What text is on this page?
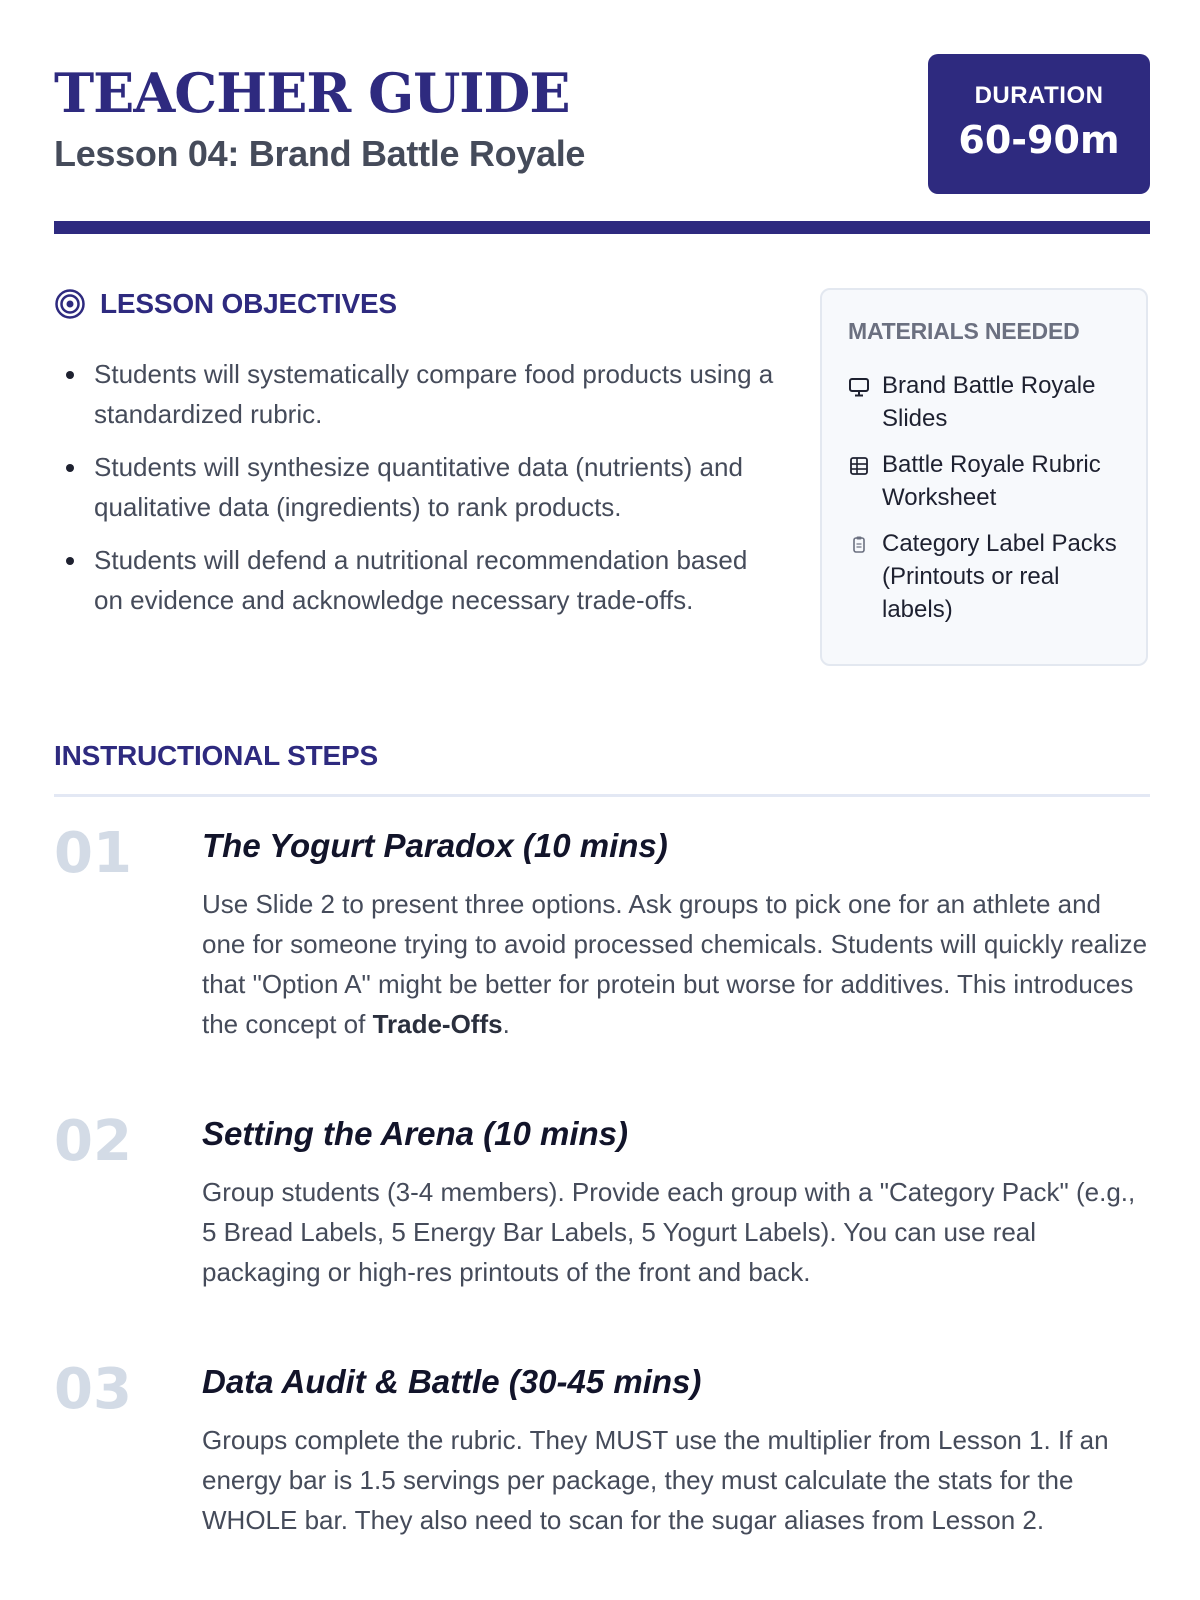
TEACHER GUIDE
Lesson 04: Brand Battle Royale
DURATION
60-90m
LESSON OBJECTIVES
Students will systematically compare food products using a standardized rubric.
Students will synthesize quantitative data (nutrients) and qualitative data (ingredients) to rank products.
Students will defend a nutritional recommendation based on evidence and acknowledge necessary trade-offs.
MATERIALS NEEDED
Brand Battle Royale Slides
Battle Royale Rubric Worksheet
Category Label Packs (Printouts or real labels)
INSTRUCTIONAL STEPS
01 The Yogurt Paradox (10 mins)

Use Slide 2 to present three options. Ask groups to pick one for an athlete and one for someone trying to avoid processed chemicals. Students will quickly realize that "Option A" might be better for protein but worse for additives. This introduces the concept of Trade-Offs.

02 Setting the Arena (10 mins)

Group students (3-4 members). Provide each group with a "Category Pack" (e.g., 5 Bread Labels, 5 Energy Bar Labels, 5 Yogurt Labels). You can use real packaging or high-res printouts of the front and back.

03 Data Audit & Battle (30-45 mins)

Groups complete the rubric. They MUST use the multiplier from Lesson 1. If an energy bar is 1.5 servings per package, they must calculate the stats for the WHOLE bar. They also need to scan for the sugar aliases from Lesson 2.
